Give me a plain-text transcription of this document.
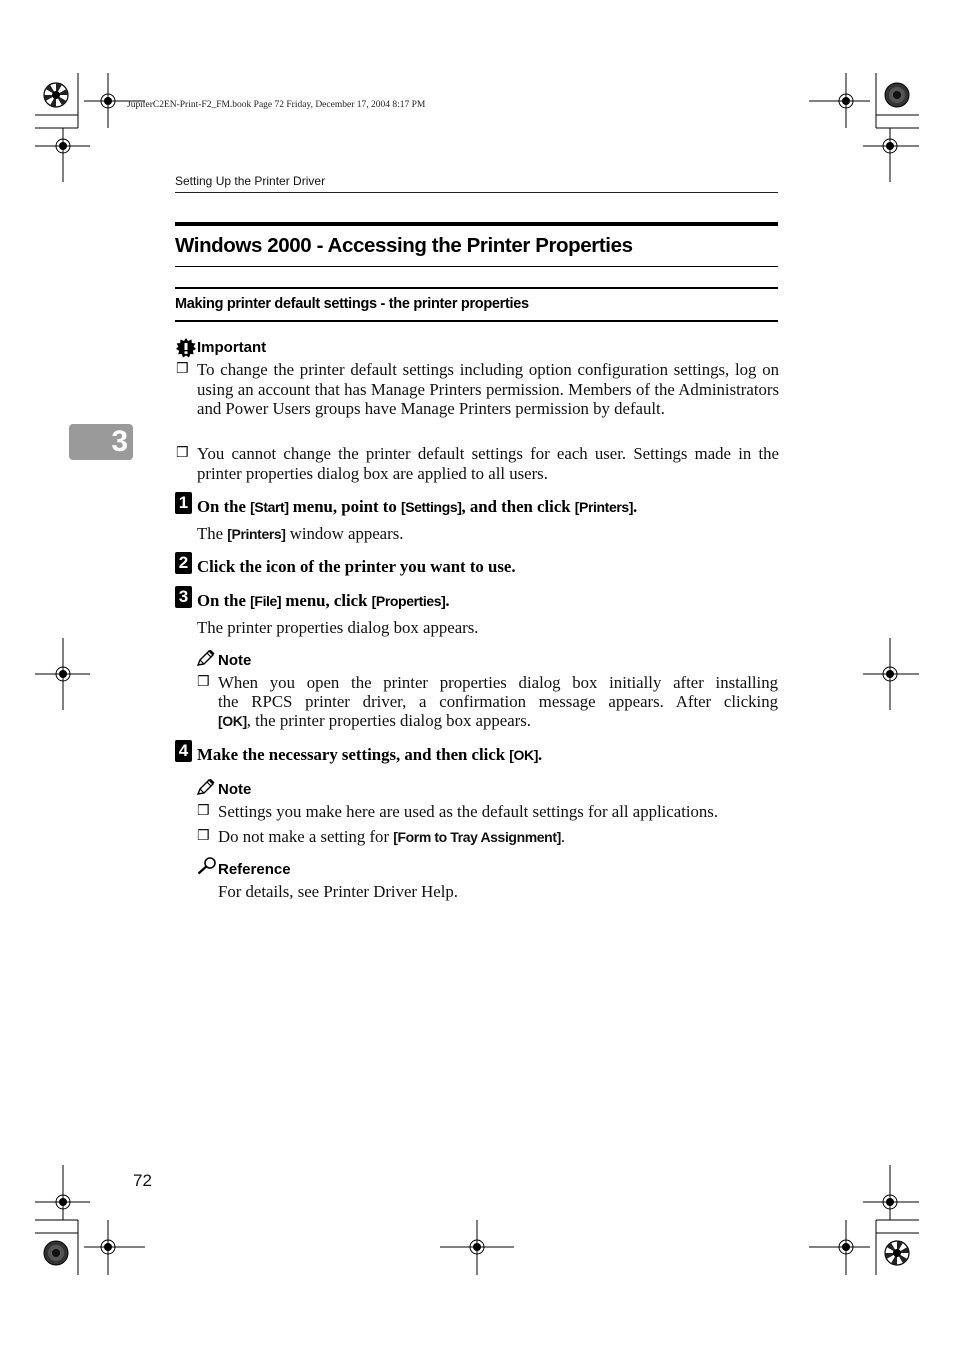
JupiterC2EN-Print-F2_FM.book Page 72 Friday, December 17, 2004 8:17 PM
Setting Up the Printer Driver
3
Windows 2000 - Accessing the Printer Properties
Making printer default settings - the printer properties
Important
❒ To change the printer default settings including option configuration settings, log on using an account that has Manage Printers permission. Members of the Administrators and Power Users groups have Manage Printers permission by default.
❒ You cannot change the printer default settings for each user. Settings made in the printer properties dialog box are applied to all users.
1 On the [Start] menu, point to [Settings], and then click [Printers].
The [Printers] window appears.
2 Click the icon of the printer you want to use.
3 On the [File] menu, click [Properties].
The printer properties dialog box appears.
Note
❒ When you open the printer properties dialog box initially after installing
the RPCS printer driver, a confirmation message appears. After clicking
[OK], the printer properties dialog box appears.
4 Make the necessary settings, and then click [OK].
Note
❒ Settings you make here are used as the default settings for all applications.
❒ Do not make a setting for [Form to Tray Assignment].
Reference
For details, see Printer Driver Help.
72
